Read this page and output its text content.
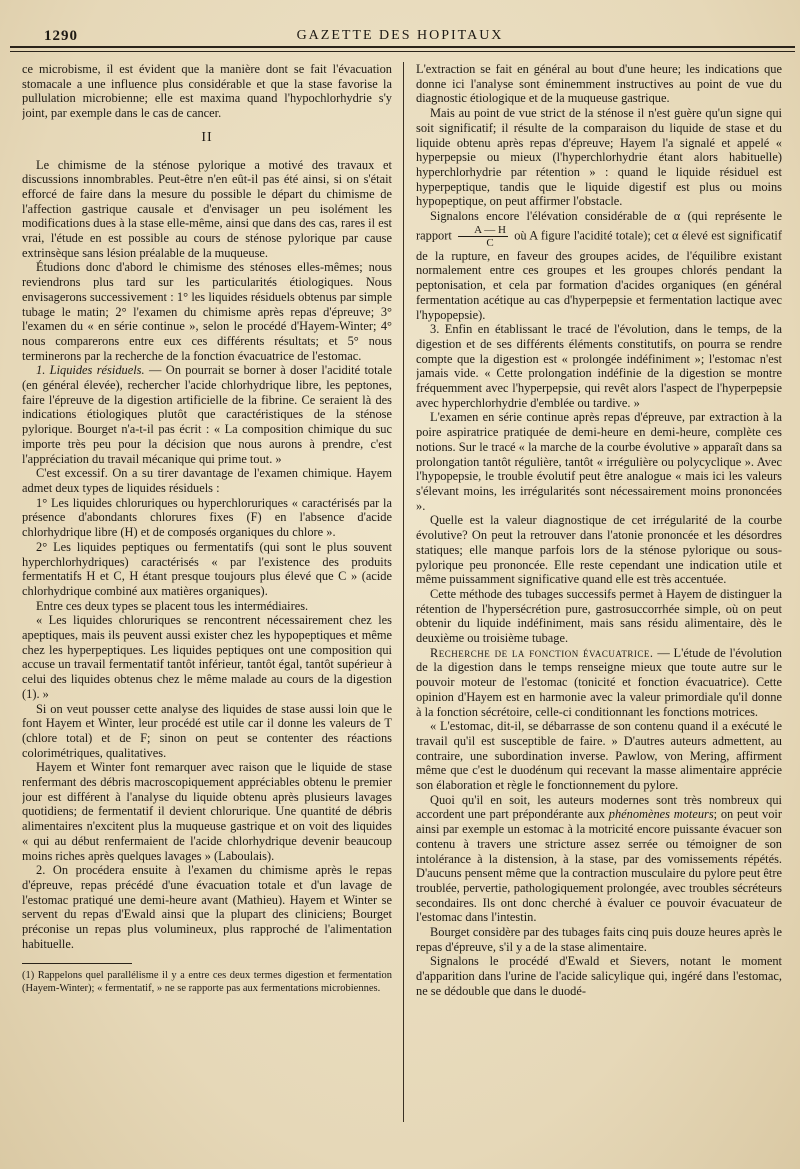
1290	GAZETTE DES HOPITAUX

ce microbisme, il est évident que la manière dont se fait l'évacuation stomacale a une influence plus considérable et que la stase favorise la pullulation microbienne; elle est maxima quand l'hypochlorhydrie s'y joint, par exemple dans le cas de cancer.

II

Le chimisme de la sténose pylorique a motivé des travaux et discussions innombrables. Peut-être n'en eût-il pas été ainsi, si on s'était efforcé de faire dans la mesure du possible le départ du chimisme de l'affection gastrique causale et d'envisager un peu isolément les modifications dues à la stase elle-même, ainsi que dans des cas, rares il est vrai, l'étude en est possible au cours de sténose pylorique par cause extrinsèque sans lésion préalable de la muqueuse.

Étudions donc d'abord le chimisme des sténoses elles-mêmes; nous reviendrons plus tard sur les particularités étiologiques. Nous envisagerons successivement : 1° les liquides résiduels obtenus par simple tubage le matin; 2° l'examen du chimisme après repas d'épreuve; 3° l'examen du « en série continue », selon le procédé d'Hayem-Winter; 4° nous comparerons entre eux ces différents résultats; et 5° nous terminerons par la recherche de la fonction évacuatrice de l'estomac.

1. Liquides résiduels. — On pourrait se borner à doser l'acidité totale (en général élevée), rechercher l'acide chlorhydrique libre, les peptones, faire l'épreuve de la digestion artificielle de la fibrine. Ce seraient là des indications étiologiques plutôt que caractéristiques de la sténose pylorique. Bourget n'a-t-il pas écrit : « La composition chimique du suc importe très peu pour la décision que nous aurons à prendre, c'est l'appréciation du travail mécanique qui prime tout. »

C'est excessif. On a su tirer davantage de l'examen chimique. Hayem admet deux types de liquides résiduels :

1° Les liquides chloruriques ou hyperchloruriques « caractérisés par la présence d'abondants chlorures fixes (F) en l'absence d'acide chlorhydrique libre (H) et de composés organiques du chlore ».

2° Les liquides peptiques ou fermentatifs (qui sont le plus souvent hyperchlorhydriques) caractérisés « par l'existence des produits fermentatifs H et C, H étant presque toujours plus élevé que C » (acide chlorhydrique combiné aux matières organiques).

Entre ces deux types se placent tous les intermédiaires.

« Les liquides chloruriques se rencontrent nécessairement chez les apeptiques, mais ils peuvent aussi exister chez les hypopeptiques et même chez les hyperpeptiques. Les liquides peptiques ont une composition qui accuse un travail fermentatif tantôt inférieur, tantôt égal, tantôt supérieur à celui des liquides obtenus chez le même malade au cours de la digestion (1). »

Si on veut pousser cette analyse des liquides de stase aussi loin que le font Hayem et Winter, leur procédé est utile car il donne les valeurs de T (chlore total) et de F; sinon on peut se contenter des réactions colorimétriques, qualitatives.

Hayem et Winter font remarquer avec raison que le liquide de stase renfermant des débris macroscopiquement appréciables obtenu le premier jour est différent à l'analyse du liquide obtenu après plusieurs lavages quotidiens; de fermentatif il devient chlorurique. Une quantité de débris alimentaires n'excitent plus la muqueuse gastrique et on voit des liquides « qui au début renfermaient de l'acide chlorhydrique devenir beaucoup moins riches après quelques lavages » (Laboulais).

2. On procédera ensuite à l'examen du chimisme après le repas d'épreuve, repas précédé d'une évacuation totale et d'un lavage de l'estomac pratiqué une demi-heure avant (Mathieu). Hayem et Winter se servent du repas d'Ewald ainsi que la plupart des cliniciens; Bourget préconise un repas plus volumineux, plus rapproché de l'alimentation habituelle.

(1) Rappelons quel parallélisme il y a entre ces deux termes digestion et fermentation (Hayem-Winter); « fermentatif, » ne se rapporte pas aux fermentations microbiennes.

L'extraction se fait en général au bout d'une heure; les indications que donne ici l'analyse sont éminemment instructives au point de vue du diagnostic étiologique et de la muqueuse gastrique.

Mais au point de vue strict de la sténose il n'est guère qu'un signe qui soit significatif; il résulte de la comparaison du liquide de stase et du liquide obtenu après repas d'épreuve; Hayem l'a signalé et appelé « hyperpepsie ou mieux (l'hyperchlorhydrie étant alors habituelle) hyperchlorhydrie par rétention » : quand le liquide résiduel est hyperpeptique, tandis que le liquide digestif est plus ou moins hypopeptique, on peut affirmer l'obstacle.

Signalons encore l'élévation considérable de α (qui représente le rapport $\frac{A — H}{C}$ où A figure l'acidité totale); cet α élevé est significatif de la rupture, en faveur des groupes acides, de l'équilibre existant normalement entre ces groupes et les groupes chlorés pendant la peptonisation, et cela par formation d'acides organiques (en général fermentation acétique au cas d'hyperpepsie et fermentation lactique avec l'hypopepsie).

3. Enfin en établissant le tracé de l'évolution, dans le temps, de la digestion et de ses différents éléments constitutifs, on pourra se rendre compte que la digestion est « prolongée indéfiniment »; l'estomac n'est jamais vide. « Cette prolongation indéfinie de la digestion se montre fréquemment avec l'hyperpepsie, qui revêt alors l'aspect de l'hyperpepsie avec hyperchlorhydrie d'emblée ou tardive. »

L'examen en série continue après repas d'épreuve, par extraction à la poire aspiratrice pratiquée de demi-heure en demi-heure, complète ces notions. Sur le tracé « la marche de la courbe évolutive » apparaît dans sa prolongation tantôt régulière, tantôt « irrégulière ou polycyclique ». Avec l'hypopepsie, le trouble évolutif peut être analogue « mais ici les valeurs s'élevant moins, les irrégularités sont nécessairement moins prononcées ».

Quelle est la valeur diagnostique de cet irrégularité de la courbe évolutive? On peut la retrouver dans l'atonie prononcée et les désordres statiques; elle manque parfois lors de la sténose pylorique ou sous-pylorique peu prononcée. Elle reste cependant une indication utile et même puissamment significative quand elle est très accentuée.

Cette méthode des tubages successifs permet à Hayem de distinguer la rétention de l'hypersécrétion pure, gastrosuccorrhée simple, où on peut obtenir du liquide indéfiniment, mais sans résidu alimentaire, dès le deuxième ou troisième tubage.

Recherche de la fonction évacuatrice. — L'étude de l'évolution de la digestion dans le temps renseigne mieux que toute autre sur le pouvoir moteur de l'estomac (tonicité et fonction évacuatrice). Cette opinion d'Hayem est en harmonie avec la valeur primordiale qu'il donne à la fonction sécrétoire, celle-ci conditionnant les fonctions motrices.

« L'estomac, dit-il, se débarrasse de son contenu quand il a exécuté le travail qu'il est susceptible de faire. » D'autres auteurs admettent, au contraire, une subordination inverse. Pawlow, von Mering, affirment même que c'est le duodénum qui recevant la masse alimentaire apprécie son élaboration et règle le fonctionnement du pylore.

Quoi qu'il en soit, les auteurs modernes sont très nombreux qui accordent une part prépondérante aux phénomènes moteurs; on peut voir ainsi par exemple un estomac à la motricité encore puissante évacuer son contenu à travers une stricture assez serrée ou témoigner de son intolérance à la distension, à la stase, par des vomissements répétés. D'aucuns pensent même que la contraction musculaire du pylore peut être troublée, pervertie, pathologiquement prolongée, avec troubles sécréteurs secondaires. Ils ont donc cherché à évaluer ce pouvoir évacuateur de l'estomac dans l'intestin.

Bourget considère par des tubages faits cinq puis douze heures après le repas d'épreuve, s'il y a de la stase alimentaire.

Signalons le procédé d'Ewald et Sievers, notant le moment d'apparition dans l'urine de l'acide salicylique qui, ingéré dans l'estomac, ne se dédouble que dans le duodé-
